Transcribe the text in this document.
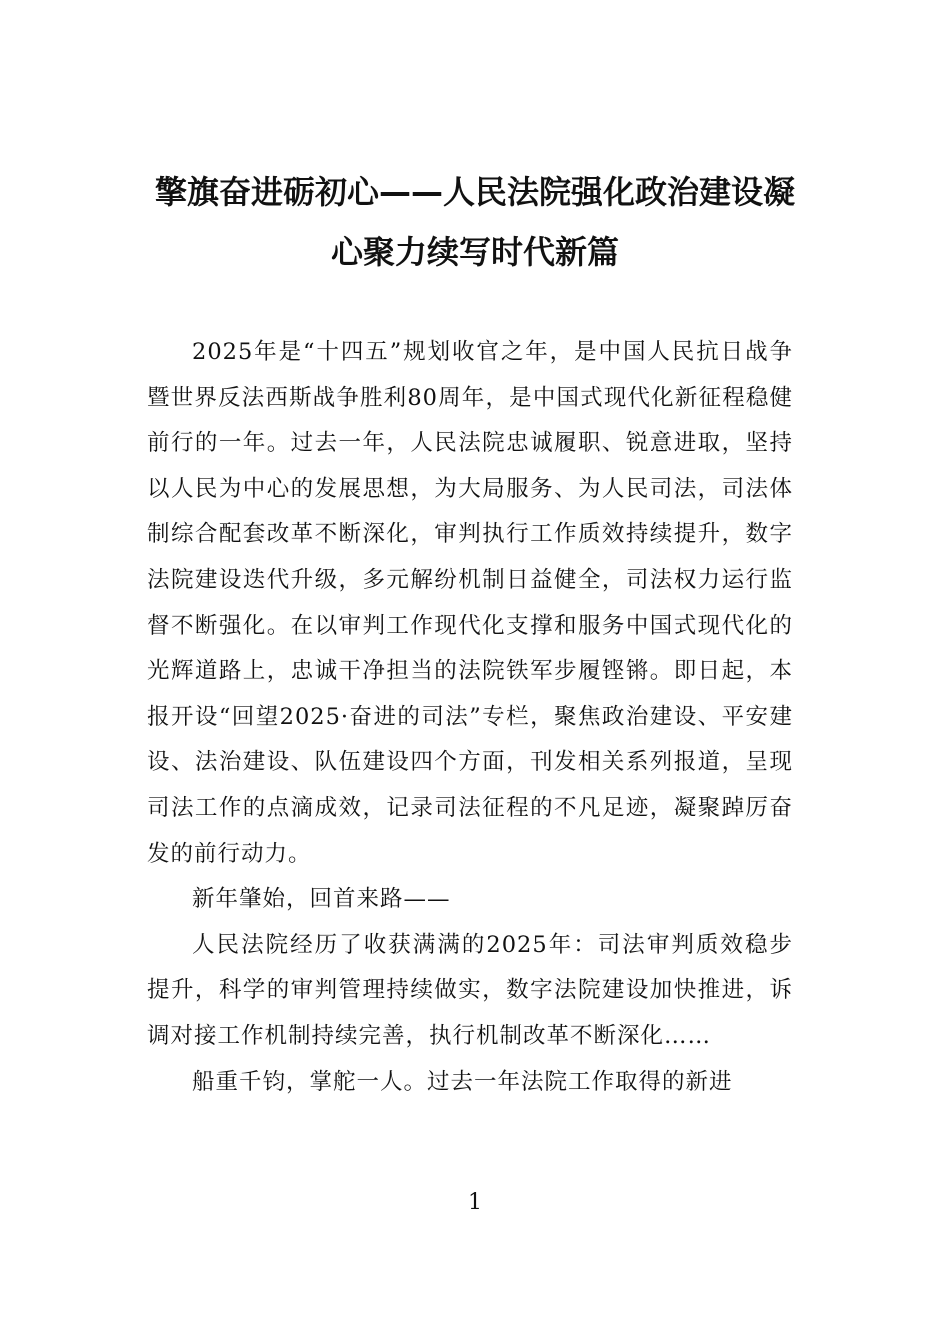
擎旗奋进砺初心——人民法院强化政治建设凝心聚力续写时代新篇

2025年是“十四五”规划收官之年，是中国人民抗日战争暨世界反法西斯战争胜利80周年，是中国式现代化新征程稳健前行的一年。过去一年，人民法院忠诚履职、锐意进取，坚持以人民为中心的发展思想，为大局服务、为人民司法，司法体制综合配套改革不断深化，审判执行工作质效持续提升，数字法院建设迭代升级，多元解纷机制日益健全，司法权力运行监督不断强化。在以审判工作现代化支撑和服务中国式现代化的光辉道路上，忠诚干净担当的法院铁军步履铿锵。即日起，本报开设“回望2025·奋进的司法”专栏，聚焦政治建设、平安建设、法治建设、队伍建设四个方面，刊发相关系列报道，呈现司法工作的点滴成效，记录司法征程的不凡足迹，凝聚踔厉奋发的前行动力。

新年肇始，回首来路——

人民法院经历了收获满满的2025年：司法审判质效稳步提升，科学的审判管理持续做实，数字法院建设加快推进，诉调对接工作机制持续完善，执行机制改革不断深化……

船重千钧，掌舵一人。过去一年法院工作取得的新进

1
